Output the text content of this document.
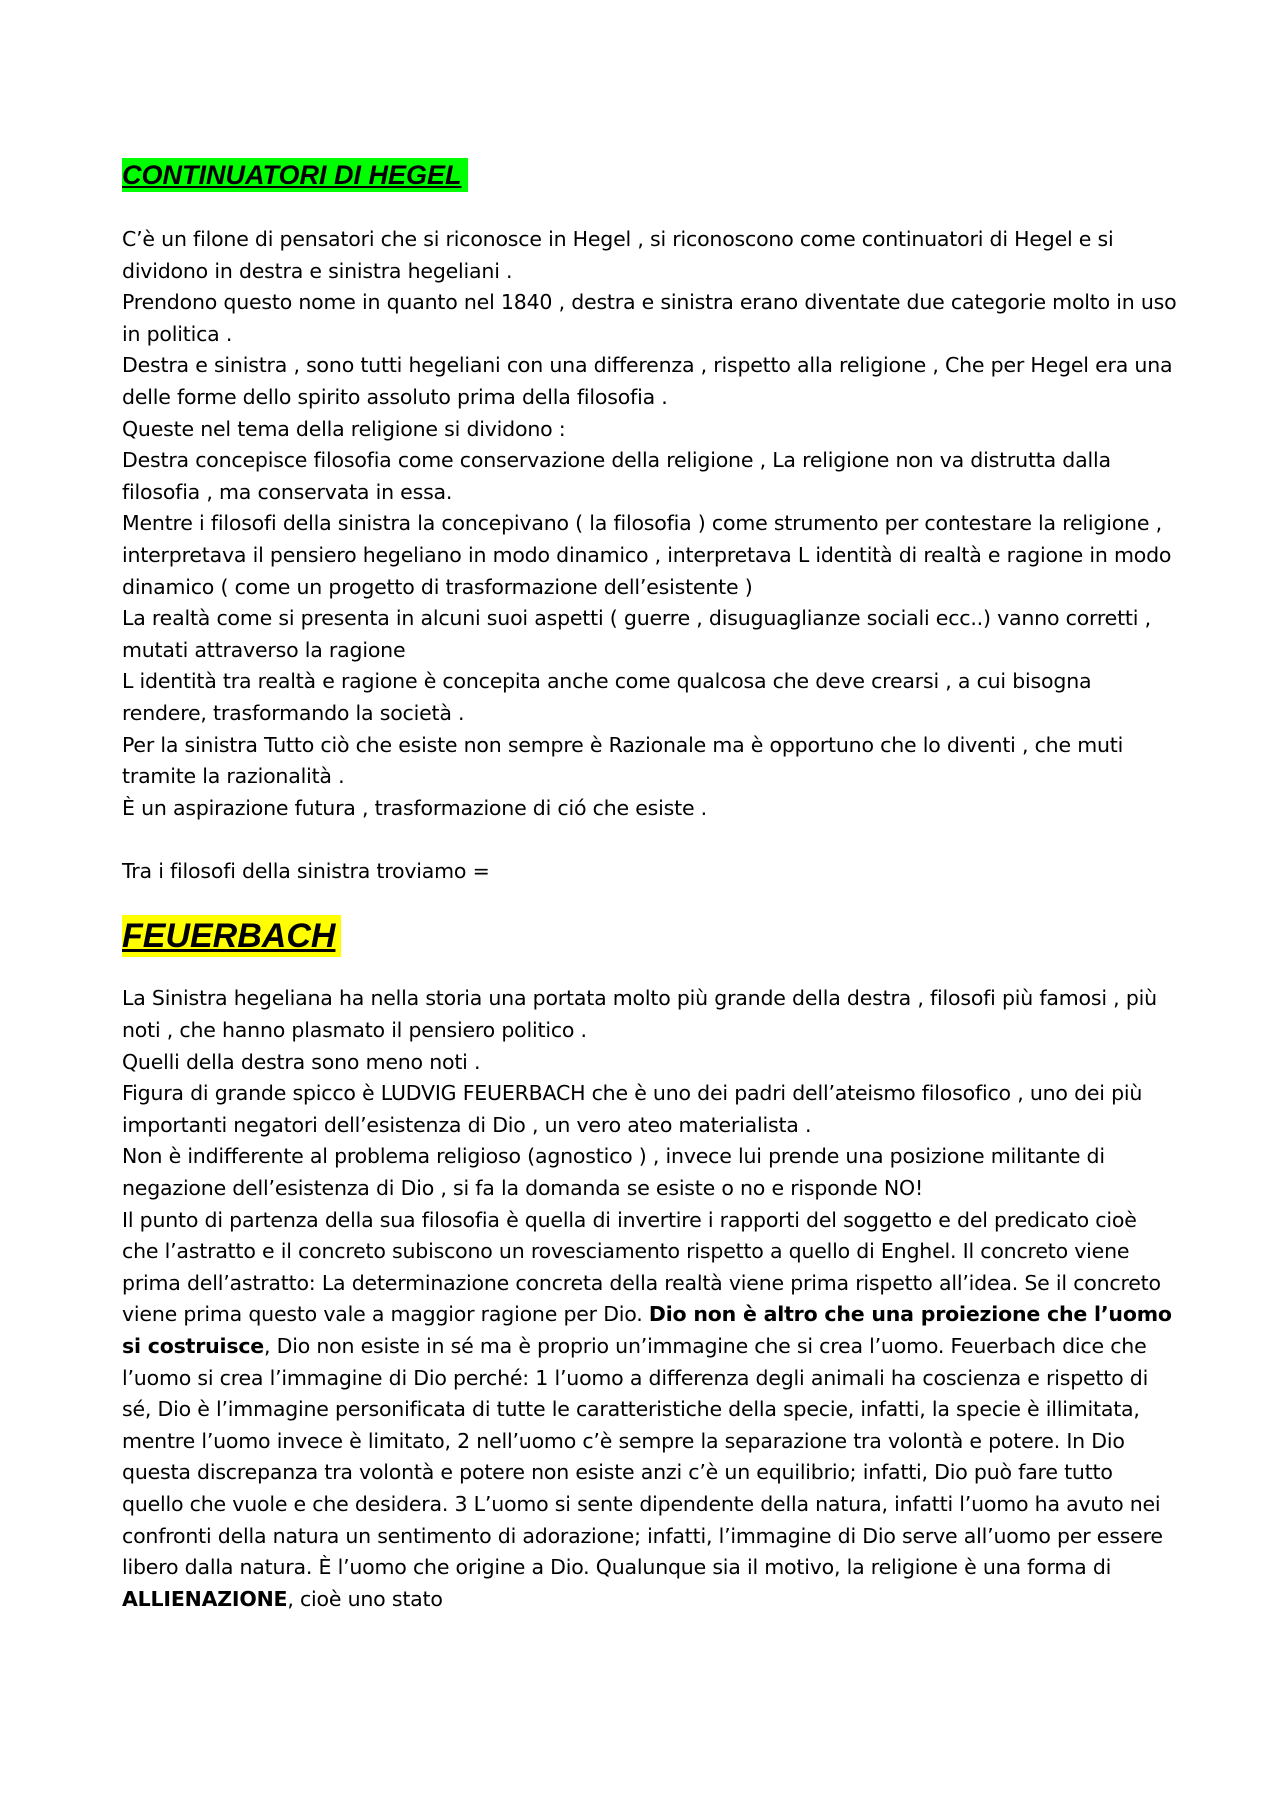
CONTINUATORI DI HEGEL

C’è un filone di pensatori che si riconosce in Hegel , si riconoscono come continuatori di Hegel e si dividono in destra e sinistra hegeliani .

Prendono questo nome in quanto nel 1840 , destra e sinistra erano diventate due categorie molto in uso in politica .

Destra e sinistra , sono tutti hegeliani con una differenza , rispetto alla religione , Che per Hegel era una delle forme dello spirito assoluto prima della filosofia .

Queste nel tema della religione si dividono :

Destra concepisce filosofia come conservazione della religione , La religione non va distrutta dalla filosofia , ma conservata in essa.

Mentre i filosofi della sinistra la concepivano ( la filosofia ) come strumento per contestare la religione , interpretava il pensiero hegeliano in modo dinamico , interpretava L identità di realtà e ragione in modo dinamico ( come un progetto di trasformazione dell’esistente )

La realtà come si presenta in alcuni suoi aspetti ( guerre , disuguaglianze sociali ecc..) vanno corretti , mutati attraverso la ragione

L identità tra realtà e ragione è concepita anche come qualcosa che deve crearsi , a cui bisogna rendere, trasformando la società .

Per la sinistra Tutto ciò che esiste non sempre è Razionale ma è opportuno che lo diventi , che muti tramite la razionalità .

È un aspirazione futura , trasformazione di ció che esiste .

Tra i filosofi della sinistra troviamo =

FEUERBACH

La Sinistra hegeliana ha nella storia una portata molto più grande della destra , filosofi più famosi , più noti , che hanno plasmato il pensiero politico .

Quelli della destra sono meno noti .

Figura di grande spicco è LUDVIG FEUERBACH che è uno dei padri dell’ateismo filosofico , uno dei più importanti negatori dell’esistenza di Dio , un vero ateo materialista .

Non è indifferente al problema religioso (agnostico ) , invece lui prende una posizione militante di negazione dell’esistenza di Dio , si fa la domanda se esiste o no e risponde NO!

Il punto di partenza della sua filosofia è quella di invertire i rapporti del soggetto e del predicato cioè che l’astratto e il concreto subiscono un rovesciamento rispetto a quello di Enghel. Il concreto viene prima dell’astratto: La determinazione concreta della realtà viene prima rispetto all’idea. Se il concreto viene prima questo vale a maggior ragione per Dio. Dio non è altro che una proiezione che l’uomo si costruisce, Dio non esiste in sé ma è proprio un’immagine che si crea l’uomo. Feuerbach dice che l’uomo si crea l’immagine di Dio perché: 1 l’uomo a differenza degli animali ha coscienza e rispetto di sé, Dio è l’immagine personificata di tutte le caratteristiche della specie, infatti, la specie è illimitata, mentre l’uomo invece è limitato, 2 nell’uomo c’è sempre la separazione tra volontà e potere. In Dio questa discrepanza tra volontà e potere non esiste anzi c’è un equilibrio; infatti, Dio può fare tutto quello che vuole e che desidera. 3 L’uomo si sente dipendente della natura, infatti l’uomo ha avuto nei confronti della natura un sentimento di adorazione; infatti, l’immagine di Dio serve all’uomo per essere libero dalla natura. È l’uomo che origine a Dio. Qualunque sia il motivo, la religione è una forma di ALLIENAZIONE, cioè uno stato
